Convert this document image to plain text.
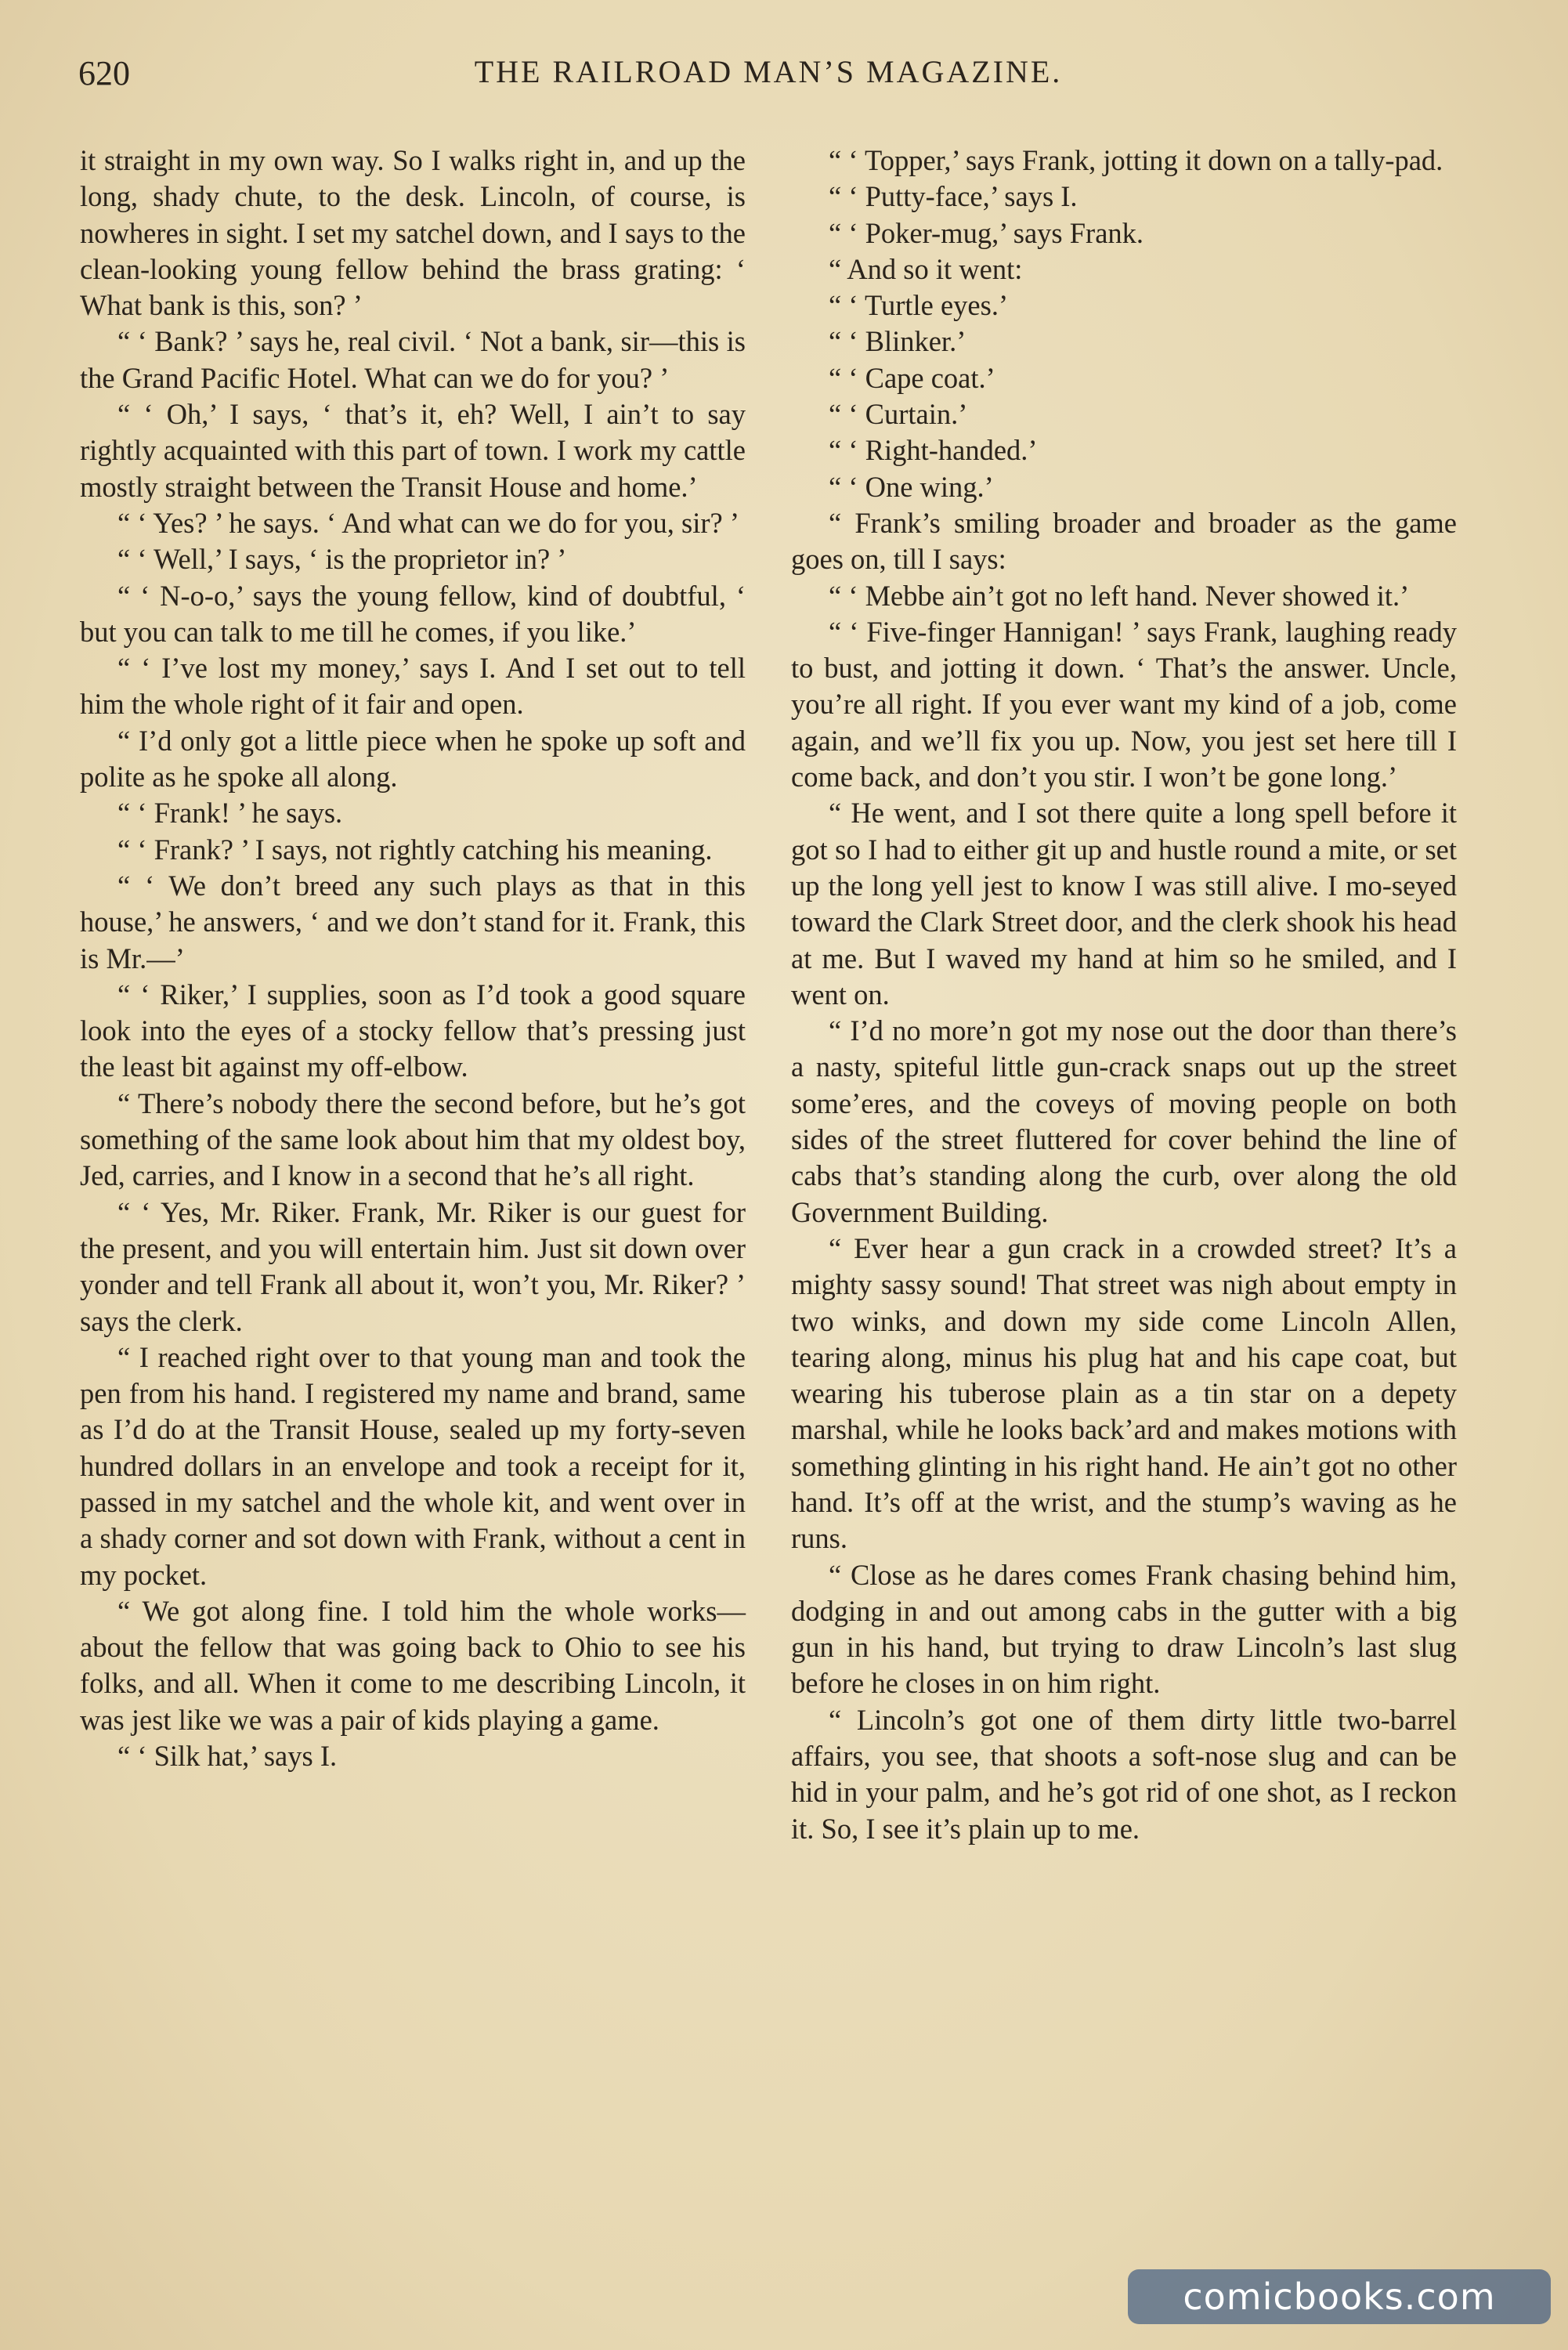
620	THE RAILROAD MAN’S MAGAZINE.

it straight in my own way. So I walks right in, and up the long, shady chute, to the desk. Lincoln, of course, is nowheres in sight. I set my satchel down, and I says to the clean-looking young fellow behind the brass grating: ‘ What bank is this, son? ’

“ ‘ Bank? ’ says he, real civil. ‘ Not a bank, sir—this is the Grand Pacific Hotel. What can we do for you? ’

“ ‘ Oh,’ I says, ‘ that’s it, eh? Well, I ain’t to say rightly acquainted with this part of town. I work my cattle mostly straight between the Transit House and home.’

“ ‘ Yes? ’ he says. ‘ And what can we do for you, sir? ’

“ ‘ Well,’ I says, ‘ is the proprietor in? ’

“ ‘ N-o-o,’ says the young fellow, kind of doubtful, ‘ but you can talk to me till he comes, if you like.’

“ ‘ I’ve lost my money,’ says I. And I set out to tell him the whole right of it fair and open.

“ I’d only got a little piece when he spoke up soft and polite as he spoke all along.

“ ‘ Frank! ’ he says.

“ ‘ Frank? ’ I says, not rightly catching his meaning.

“ ‘ We don’t breed any such plays as that in this house,’ he answers, ‘ and we don’t stand for it. Frank, this is Mr.—’

“ ‘ Riker,’ I supplies, soon as I’d took a good square look into the eyes of a stocky fellow that’s pressing just the least bit against my off-elbow.

“ There’s nobody there the second before, but he’s got something of the same look about him that my oldest boy, Jed, carries, and I know in a second that he’s all right.

“ ‘ Yes, Mr. Riker. Frank, Mr. Riker is our guest for the present, and you will entertain him. Just sit down over yonder and tell Frank all about it, won’t you, Mr. Riker? ’ says the clerk.

“ I reached right over to that young man and took the pen from his hand. I registered my name and brand, same as I’d do at the Transit House, sealed up my forty-seven hundred dollars in an envelope and took a receipt for it, passed in my satchel and the whole kit, and went over in a shady corner and sot down with Frank, without a cent in my pocket.

“ We got along fine. I told him the whole works—about the fellow that was going back to Ohio to see his folks, and all. When it come to me describing Lincoln, it was jest like we was a pair of kids playing a game.

“ ‘ Silk hat,’ says I.

“ ‘ Topper,’ says Frank, jotting it down on a tally-pad.

“ ‘ Putty-face,’ says I.

“ ‘ Poker-mug,’ says Frank.

“ And so it went:

“ ‘ Turtle eyes.’

“ ‘ Blinker.’

“ ‘ Cape coat.’

“ ‘ Curtain.’

“ ‘ Right-handed.’

“ ‘ One wing.’

“ Frank’s smiling broader and broader as the game goes on, till I says:

“ ‘ Mebbe ain’t got no left hand. Never showed it.’

“ ‘ Five-finger Hannigan! ’ says Frank, laughing ready to bust, and jotting it down. ‘ That’s the answer. Uncle, you’re all right. If you ever want my kind of a job, come again, and we’ll fix you up. Now, you jest set here till I come back, and don’t you stir. I won’t be gone long.’

“ He went, and I sot there quite a long spell before it got so I had to either git up and hustle round a mite, or set up the long yell jest to know I was still alive. I mo-seyed toward the Clark Street door, and the clerk shook his head at me. But I waved my hand at him so he smiled, and I went on.

“ I’d no more’n got my nose out the door than there’s a nasty, spiteful little gun-crack snaps out up the street some’eres, and the coveys of moving people on both sides of the street fluttered for cover behind the line of cabs that’s standing along the curb, over along the old Government Building.

“ Ever hear a gun crack in a crowded street? It’s a mighty sassy sound! That street was nigh about empty in two winks, and down my side come Lincoln Allen, tearing along, minus his plug hat and his cape coat, but wearing his tuberose plain as a tin star on a depety marshal, while he looks back’ard and makes motions with something glinting in his right hand. He ain’t got no other hand. It’s off at the wrist, and the stump’s waving as he runs.

“ Close as he dares comes Frank chasing behind him, dodging in and out among cabs in the gutter with a big gun in his hand, but trying to draw Lincoln’s last slug before he closes in on him right.

“ Lincoln’s got one of them dirty little two-barrel affairs, you see, that shoots a soft-nose slug and can be hid in your palm, and he’s got rid of one shot, as I reckon it. So, I see it’s plain up to me.

comicbooks.com
